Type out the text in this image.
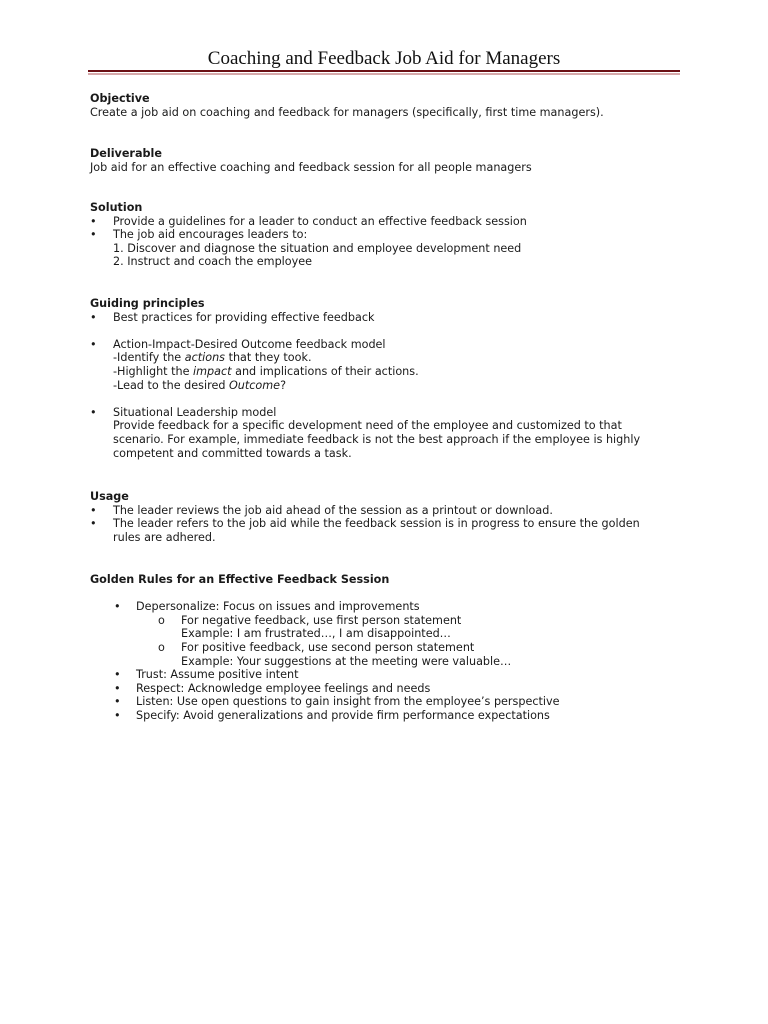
Coaching and Feedback Job Aid for Managers
Objective
Create a job aid on coaching and feedback for managers (specifically, first time managers).
Deliverable
Job aid for an effective coaching and feedback session for all people managers
Solution
• Provide a guidelines for a leader to conduct an effective feedback session
• The job aid encourages leaders to:
1. Discover and diagnose the situation and employee development need
2. Instruct and coach the employee
Guiding principles
• Best practices for providing effective feedback
• Action-Impact-Desired Outcome feedback model
-Identify the actions that they took.
-Highlight the impact and implications of their actions.
-Lead to the desired Outcome?
• Situational Leadership model
Provide feedback for a specific development need of the employee and customized to that
scenario. For example, immediate feedback is not the best approach if the employee is highly
competent and committed towards a task.
Usage
• The leader reviews the job aid ahead of the session as a printout or download.
• The leader refers to the job aid while the feedback session is in progress to ensure the golden
rules are adhered.
Golden Rules for an Effective Feedback Session
• Depersonalize: Focus on issues and improvements
o For negative feedback, use first person statement
Example: I am frustrated…, I am disappointed…
o For positive feedback, use second person statement
Example: Your suggestions at the meeting were valuable…
• Trust: Assume positive intent
• Respect: Acknowledge employee feelings and needs
• Listen: Use open questions to gain insight from the employee’s perspective
• Specify: Avoid generalizations and provide firm performance expectations
